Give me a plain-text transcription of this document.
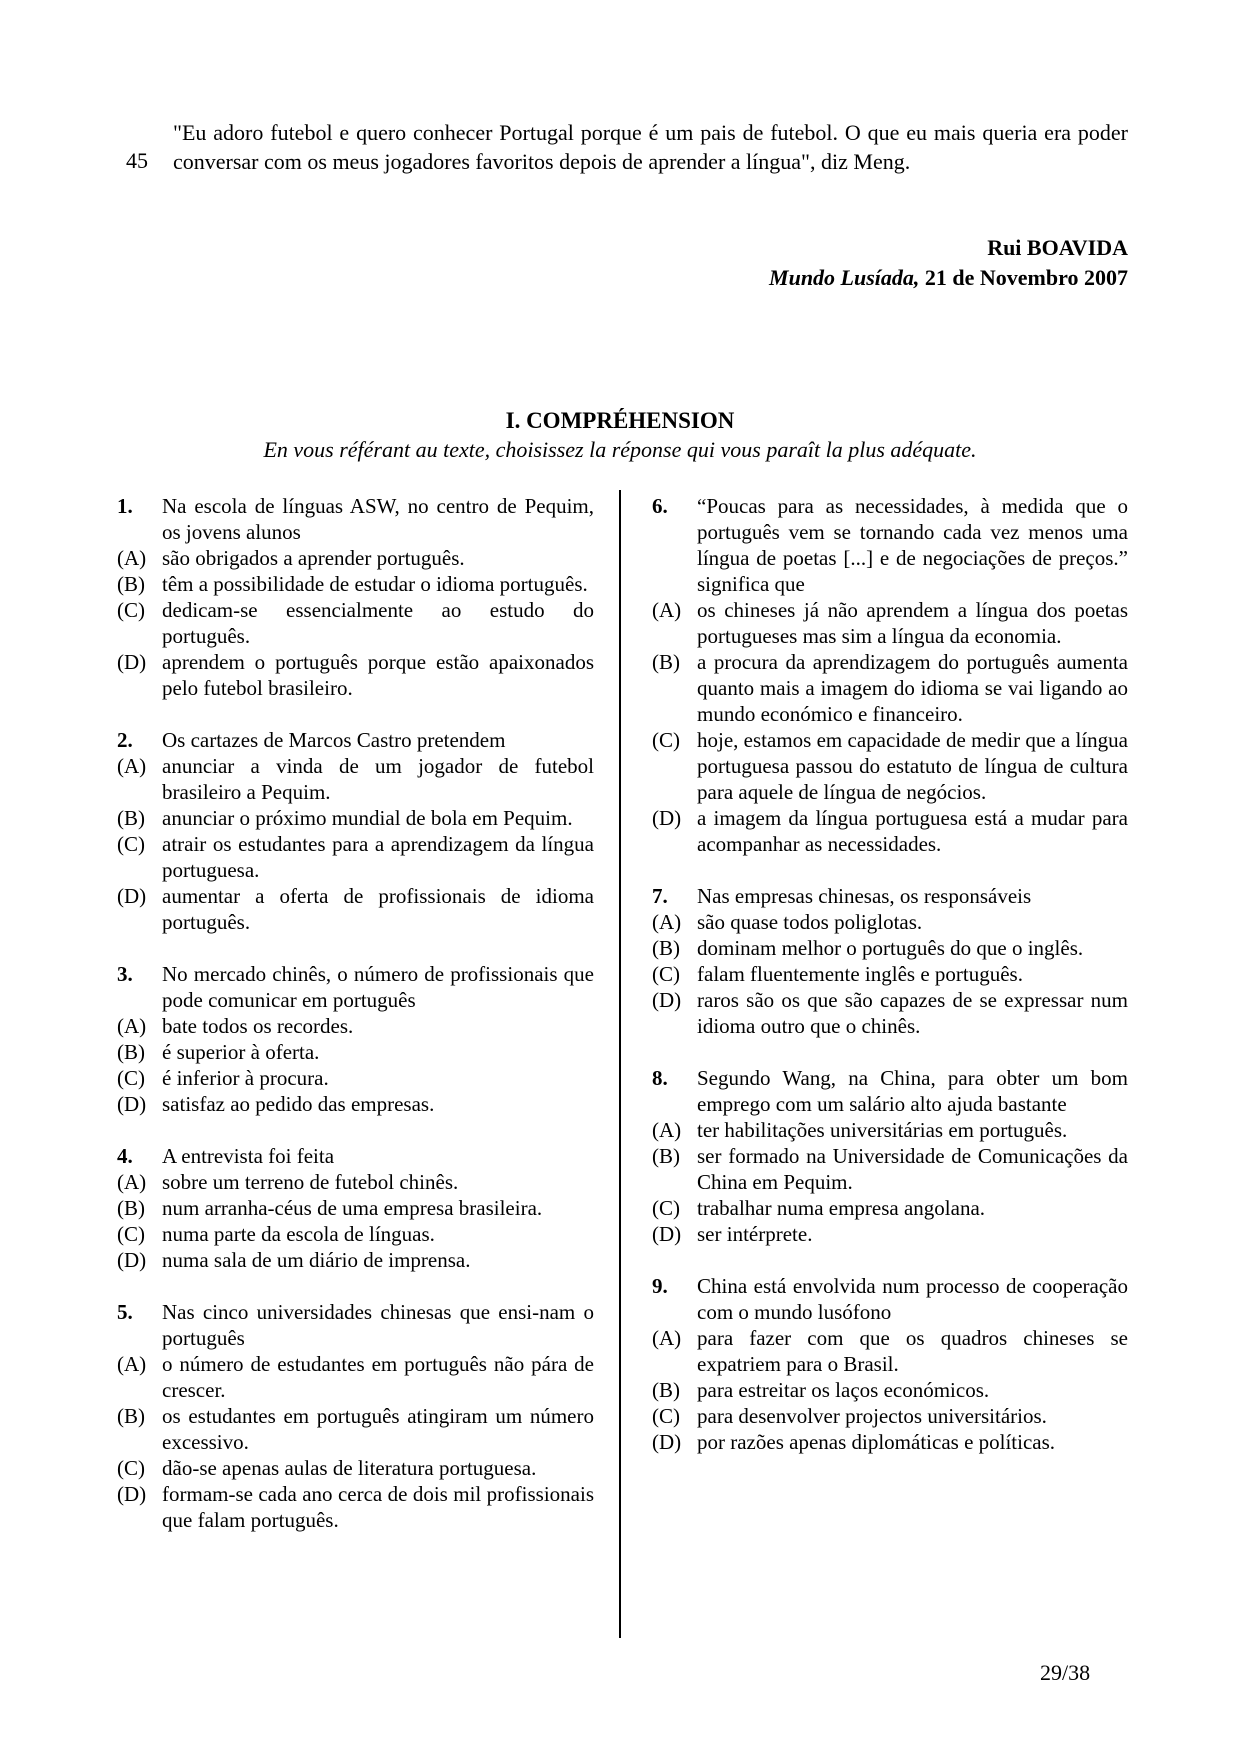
"Eu adoro futebol e quero conhecer Portugal porque é um pais de futebol. O que eu mais queria era poder conversar com os meus jogadores favoritos depois de aprender a língua", diz Meng.
45
Rui BOAVIDA
Mundo Lusíada, 21 de Novembro 2007
I. COMPRÉHENSION
En vous référant au texte, choisissez la réponse qui vous paraît la plus adéquate.
1.	Na escola de línguas ASW, no centro de Pequim, os jovens alunos
(A) são obrigados a aprender português.
(B) têm a possibilidade de estudar o idioma português.
(C) dedicam-se essencialmente ao estudo do português.
(D) aprendem o português porque estão apaixonados pelo futebol brasileiro.
2.	Os cartazes de Marcos Castro pretendem
(A) anunciar a vinda de um jogador de futebol brasileiro a Pequim.
(B) anunciar o próximo mundial de bola em Pequim.
(C) atrair os estudantes para a aprendizagem da língua portuguesa.
(D) aumentar a oferta de profissionais de idioma português.
3.	No mercado chinês, o número de profissionais que pode comunicar em português
(A) bate todos os recordes.
(B) é superior à oferta.
(C) é inferior à procura.
(D) satisfaz ao pedido das empresas.
4.	A entrevista foi feita
(A) sobre um terreno de futebol chinês.
(B) num arranha-céus de uma empresa brasileira.
(C) numa parte da escola de línguas.
(D) numa sala de um diário de imprensa.
5.	Nas cinco universidades chinesas que ensi-nam o português
(A) o número de estudantes em português não pára de crescer.
(B) os estudantes em português atingiram um número excessivo.
(C) dão-se apenas aulas de literatura portuguesa.
(D) formam-se cada ano cerca de dois mil profissionais que falam português.
6.	“Poucas para as necessidades, à medida que o português vem se tornando cada vez menos uma língua de poetas [...] e de negociações de preços.” significa que
(A) os chineses já não aprendem a língua dos poetas portugueses mas sim a língua da economia.
(B) a procura da aprendizagem do português aumenta quanto mais a imagem do idioma se vai ligando ao mundo económico e financeiro.
(C) hoje, estamos em capacidade de medir que a língua portuguesa passou do estatuto de língua de cultura para aquele de língua de negócios.
(D) a imagem da língua portuguesa está a mudar para acompanhar as necessidades.
7.	Nas empresas chinesas, os responsáveis
(A) são quase todos poliglotas.
(B) dominam melhor o português do que o inglês.
(C) falam fluentemente inglês e português.
(D) raros são os que são capazes de se expressar num idioma outro que o chinês.
8.	Segundo Wang, na China, para obter um bom emprego com um salário alto ajuda bastante
(A) ter habilitações universitárias em português.
(B) ser formado na Universidade de Comunicações da China em Pequim.
(C) trabalhar numa empresa angolana.
(D) ser intérprete.
9.	China está envolvida num processo de cooperação com o mundo lusófono
(A) para fazer com que os quadros chineses se expatriem para o Brasil.
(B) para estreitar os laços económicos.
(C) para desenvolver projectos universitários.
(D) por razões apenas diplomáticas e políticas.
29/38
